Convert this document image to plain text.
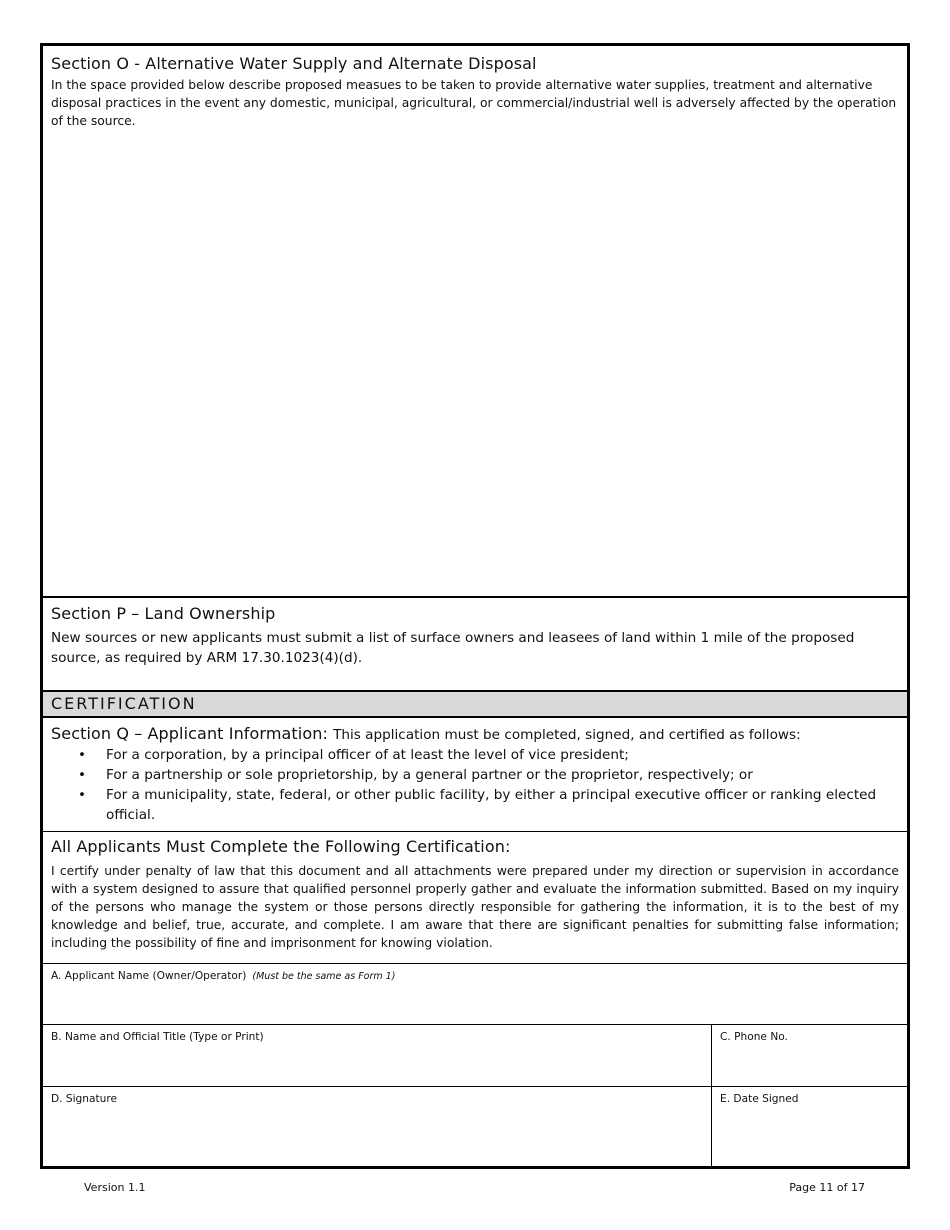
Section O - Alternative Water Supply and Alternate Disposal
In the space provided below describe proposed measues to be taken to provide alternative water supplies, treatment and alternative disposal practices in the event any domestic, municipal, agricultural, or commercial/industrial well is adversely affected by the operation of the source.
Section P – Land Ownership
New sources or new applicants must submit a list of surface owners and leasees of land within 1 mile of the proposed source, as required by ARM 17.30.1023(4)(d).
CERTIFICATION
Section Q – Applicant Information: This application must be completed, signed, and certified as follows:
• For a corporation, by a principal officer of at least the level of vice president;
• For a partnership or sole proprietorship, by a general partner or the proprietor, respectively; or
• For a municipality, state, federal, or other public facility, by either a principal executive officer or ranking elected official.
All Applicants Must Complete the Following Certification:
I certify under penalty of law that this document and all attachments were prepared under my direction or supervision in accordance with a system designed to assure that qualified personnel properly gather and evaluate the information submitted. Based on my inquiry of the persons who manage the system or those persons directly responsible for gathering the information, it is to the best of my knowledge and belief, true, accurate, and complete. I am aware that there are significant penalties for submitting false information; including the possibility of fine and imprisonment for knowing violation.
A. Applicant Name (Owner/Operator) (Must be the same as Form 1)
B. Name and Official Title (Type or Print)	C. Phone No.
D. Signature	E. Date Signed
Version 1.1	Page 11 of 17
